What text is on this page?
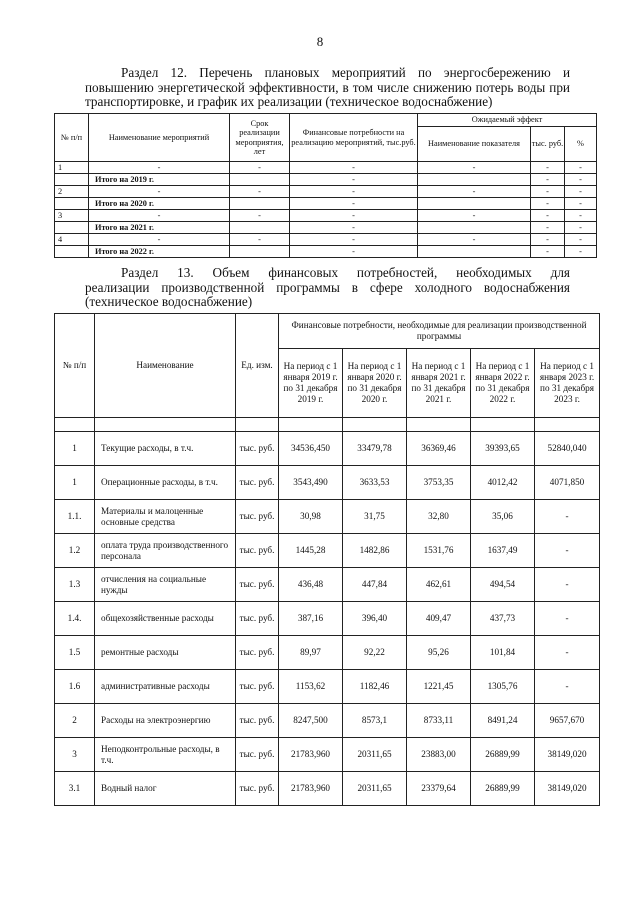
8
Раздел 12. Перечень плановых мероприятий по энергосбережению и
повышению энергетической эффективности, в том числе снижению потерь воды при транспортировке, и график их реализации (техническое водоснабжение)
№ п/п	Наименование мероприятий	Срок реализации мероприятия, лет	Финансовые потребности на реализацию мероприятий, тыс.руб.	Ожидаемый эффект		
				Наименование показателя	тыс. руб.	%
1	-	-	-	-	-	-
	Итого на 2019 г.		-		-	-
2	-	-	-	-	-	-
	Итого на 2020 г.		-		-	-
3	-	-	-	-	-	-
	Итого на 2021 г.		-		-	-
4	-	-	-	-	-	-
	Итого на 2022 г.		-		-	-
Раздел 13. Объем финансовых потребностей, необходимых для
реализации производственной программы в сфере холодного водоснабжения (техническое водоснабжение)
№ п/п	Наименование	Ед. изм.	Финансовые потребности, необходимые для реализации производственной программы				
			На период с 1 января 2019 г. по 31 декабря 2019 г.	На период с 1 января 2020 г. по 31 декабря 2020 г.	На период с 1 января 2021 г. по 31 декабря 2021 г.	На период с 1 января 2022 г. по 31 декабря 2022 г.	На период с 1 января 2023 г. по 31 декабря 2023 г.

1	Текущие расходы, в т.ч.	тыс. руб.	34536,450	33479,78	36369,46	39393,65	52840,040
1	Операционные расходы, в т.ч.	тыс. руб.	3543,490	3633,53	3753,35	4012,42	4071,850
1.1.	Материалы и малоценные основные средства	тыс. руб.	30,98	31,75	32,80	35,06	-
1.2	оплата труда производственного персонала	тыс. руб.	1445,28	1482,86	1531,76	1637,49	-
1.3	отчисления на социальные нужды	тыс. руб.	436,48	447,84	462,61	494,54	-
1.4.	общехозяйственные расходы	тыс. руб.	387,16	396,40	409,47	437,73	-
1.5	ремонтные расходы	тыс. руб.	89,97	92,22	95,26	101,84	-
1.6	административные расходы	тыс. руб.	1153,62	1182,46	1221,45	1305,76	-
2	Расходы на электроэнергию	тыс. руб.	8247,500	8573,1	8733,11	8491,24	9657,670
3	Неподконтрольные расходы, в т.ч.	тыс. руб.	21783,960	20311,65	23883,00	26889,99	38149,020
3.1	Водный налог	тыс. руб.	21783,960	20311,65	23379,64	26889,99	38149,020
